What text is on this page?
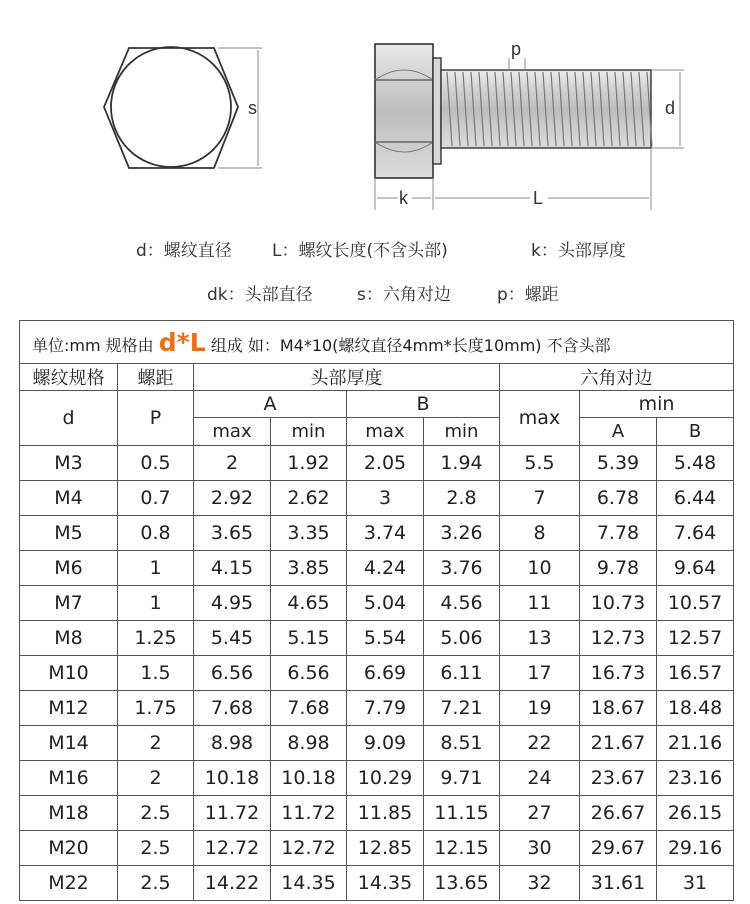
s
p
d
k	L
d：螺纹直径 L：螺纹长度(不含头部)	k：头部厚度
dk：头部直径	s：六角对边	p：螺距
单位:mm 规格由 d*L 组成 如：M4*10(螺纹直径4mm*长度10mm) 不含头部								
螺纹规格	螺距	头部厚度				六角对边		
d	P	A		B		max	min	
		max	min	max	min		A	B
M3	0.5	2	1.92	2.05	1.94	5.5	5.39	5.48
M4	0.7	2.92	2.62	3	2.8	7	6.78	6.44
M5	0.8	3.65	3.35	3.74	3.26	8	7.78	7.64
M6	1	4.15	3.85	4.24	3.76	10	9.78	9.64
M7	1	4.95	4.65	5.04	4.56	11	10.73	10.57
M8	1.25	5.45	5.15	5.54	5.06	13	12.73	12.57
M10	1.5	6.56	6.56	6.69	6.11	17	16.73	16.57
M12	1.75	7.68	7.68	7.79	7.21	19	18.67	18.48
M14	2	8.98	8.98	9.09	8.51	22	21.67	21.16
M16	2	10.18	10.18	10.29	9.71	24	23.67	23.16
M18	2.5	11.72	11.72	11.85	11.15	27	26.67	26.15
M20	2.5	12.72	12.72	12.85	12.15	30	29.67	29.16
M22	2.5	14.22	14.35	14.35	13.65	32	31.61	31
